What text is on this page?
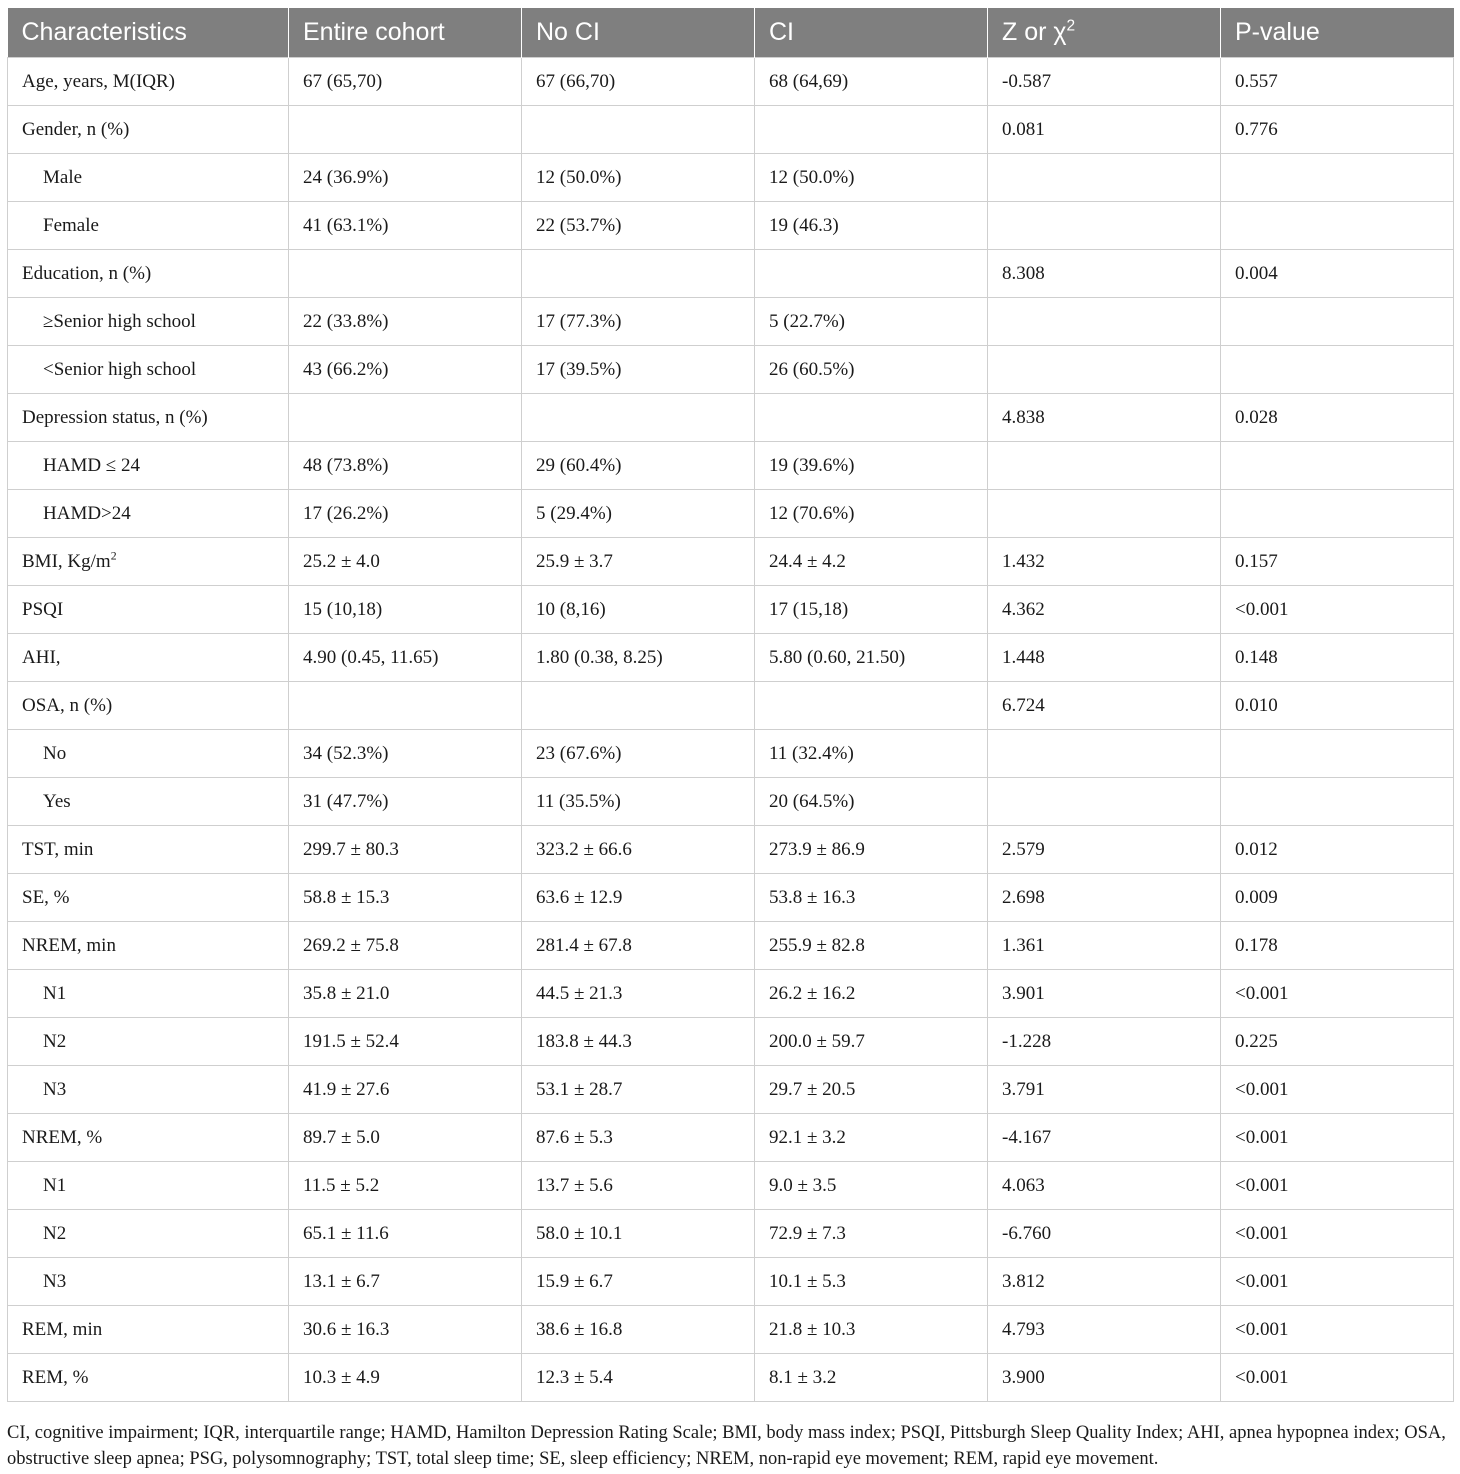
Characteristics	Entire cohort	No CI	CI	Z or $\chi^2$	P-value
Age, years, M(IQR)	67 (65,70)	67 (66,70)	68 (64,69)	-0.587	0.557
Gender, n (%)				0.081	0.776
Male	24 (36.9%)	12 (50.0%)	12 (50.0%)		
Female	41 (63.1%)	22 (53.7%)	19 (46.3)		
Education, n (%)				8.308	0.004
≥Senior high school	22 (33.8%)	17 (77.3%)	5 (22.7%)		
<Senior high school	43 (66.2%)	17 (39.5%)	26 (60.5%)		
Depression status, n (%)				4.838	0.028
HAMD ≤ 24	48 (73.8%)	29 (60.4%)	19 (39.6%)		
HAMD>24	17 (26.2%)	5 (29.4%)	12 (70.6%)		
BMI, $Kg/m^2$	25.2 ± 4.0	25.9 ± 3.7	24.4 ± 4.2	1.432	0.157
PSQI	15 (10,18)	10 (8,16)	17 (15,18)	4.362	<0.001
AHI,	4.90 (0.45, 11.65)	1.80 (0.38, 8.25)	5.80 (0.60, 21.50)	1.448	0.148
OSA, n (%)				6.724	0.010
No	34 (52.3%)	23 (67.6%)	11 (32.4%)		
Yes	31 (47.7%)	11 (35.5%)	20 (64.5%)		
TST, min	299.7 ± 80.3	323.2 ± 66.6	273.9 ± 86.9	2.579	0.012
SE, %	58.8 ± 15.3	63.6 ± 12.9	53.8 ± 16.3	2.698	0.009
NREM, min	269.2 ± 75.8	281.4 ± 67.8	255.9 ± 82.8	1.361	0.178
N1	35.8 ± 21.0	44.5 ± 21.3	26.2 ± 16.2	3.901	<0.001
N2	191.5 ± 52.4	183.8 ± 44.3	200.0 ± 59.7	-1.228	0.225
N3	41.9 ± 27.6	53.1 ± 28.7	29.7 ± 20.5	3.791	<0.001
NREM, %	89.7 ± 5.0	87.6 ± 5.3	92.1 ± 3.2	-4.167	<0.001
N1	11.5 ± 5.2	13.7 ± 5.6	9.0 ± 3.5	4.063	<0.001
N2	65.1 ± 11.6	58.0 ± 10.1	72.9 ± 7.3	-6.760	<0.001
N3	13.1 ± 6.7	15.9 ± 6.7	10.1 ± 5.3	3.812	<0.001
REM, min	30.6 ± 16.3	38.6 ± 16.8	21.8 ± 10.3	4.793	<0.001
REM, %	10.3 ± 4.9	12.3 ± 5.4	8.1 ± 3.2	3.900	<0.001
CI, cognitive impairment; IQR, interquartile range; HAMD, Hamilton Depression Rating Scale; BMI, body mass index; PSQI, Pittsburgh Sleep Quality Index; AHI, apnea hypopnea index; OSA, obstructive sleep apnea; PSG, polysomnography; TST, total sleep time; SE, sleep efficiency; NREM, non-rapid eye movement; REM, rapid eye movement.
